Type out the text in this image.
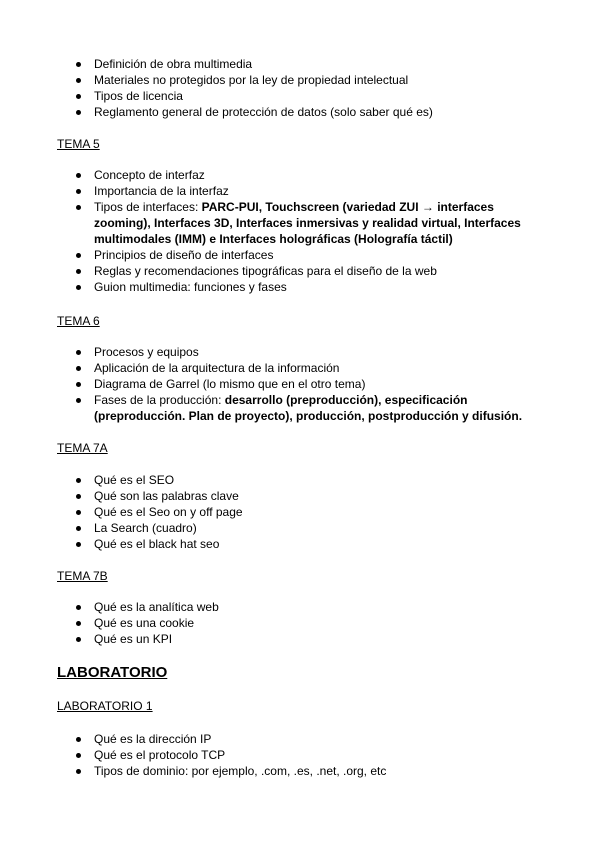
Definición de obra multimedia
Materiales no protegidos por la ley de propiedad intelectual
Tipos de licencia
Reglamento general de protección de datos (solo saber qué es)
TEMA 5
Concepto de interfaz
Importancia de la interfaz
Tipos de interfaces: PARC-PUI, Touchscreen (variedad ZUI → interfaces zooming), Interfaces 3D, Interfaces inmersivas y realidad virtual, Interfaces multimodales (IMM) e Interfaces holográficas (Holografía táctil)
Principios de diseño de interfaces
Reglas y recomendaciones tipográficas para el diseño de la web
Guion multimedia: funciones y fases
TEMA 6
Procesos y equipos
Aplicación de la arquitectura de la información
Diagrama de Garrel (lo mismo que en el otro tema)
Fases de la producción: desarrollo (preproducción), especificación (preproducción. Plan de proyecto), producción, postproducción y difusión.
TEMA 7A
Qué es el SEO
Qué son las palabras clave
Qué es el Seo on y off page
La Search (cuadro)
Qué es el black hat seo
TEMA 7B
Qué es la analítica web
Qué es una cookie
Qué es un KPI
LABORATORIO
LABORATORIO 1
Qué es la dirección IP
Qué es el protocolo TCP
Tipos de dominio: por ejemplo, .com, .es, .net, .org, etc
